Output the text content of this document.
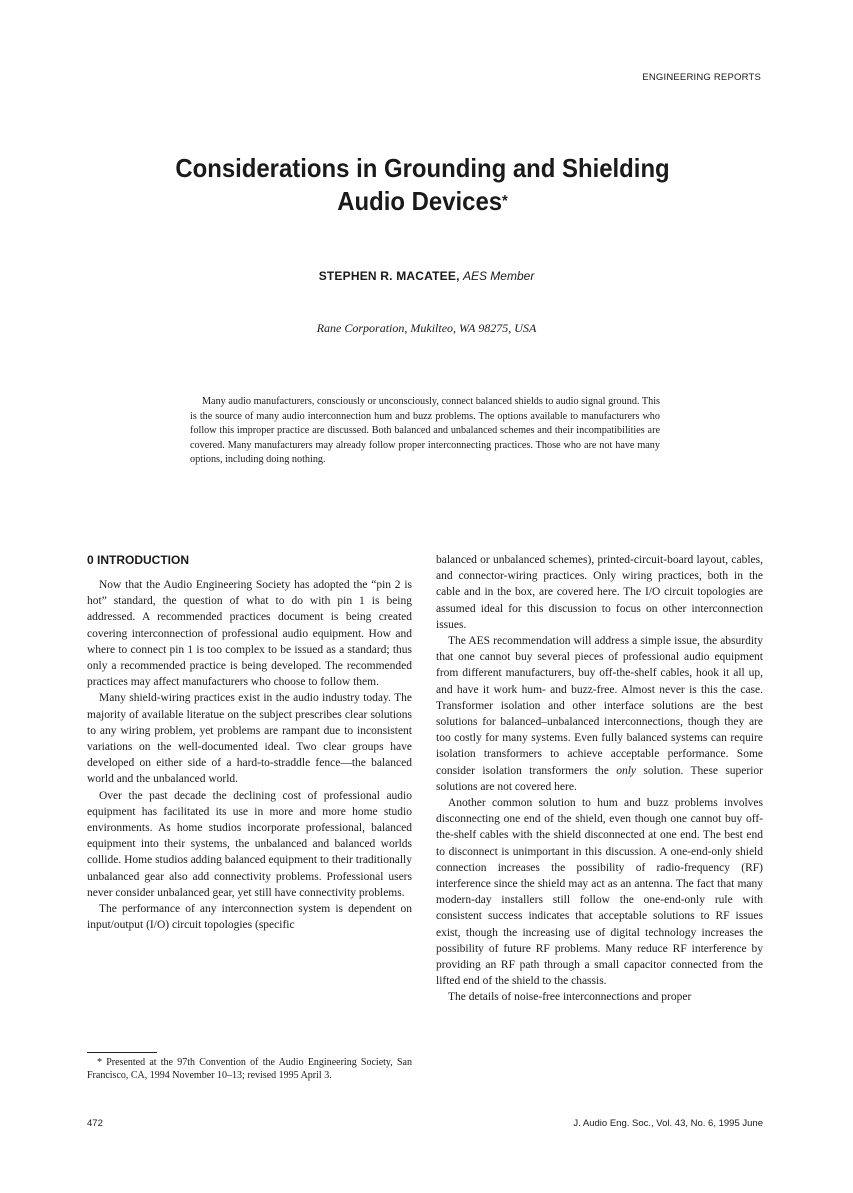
ENGINEERING REPORTS
Considerations in Grounding and Shielding
Audio Devices*
STEPHEN R. MACATEE, AES Member
Rane Corporation, Mukilteo, WA 98275, USA

Many audio manufacturers, consciously or unconsciously, connect balanced shields to audio signal ground. This is the source of many audio interconnection hum and buzz problems. The options available to manufacturers who follow this improper practice are discussed. Both balanced and unbalanced schemes and their incompatibilities are covered. Many manufacturers may already follow proper interconnecting practices. Those who are not have many options, including doing nothing.

0 INTRODUCTION

Now that the Audio Engineering Society has adopted the “pin 2 is hot” standard, the question of what to do with pin 1 is being addressed. A recommended practices document is being created covering interconnection of professional audio equipment. How and where to connect pin 1 is too complex to be issued as a standard; thus only a recommended practice is being developed. The recommended practices may affect manufacturers who choose to follow them.

Many shield-wiring practices exist in the audio industry today. The majority of available literatue on the subject prescribes clear solutions to any wiring problem, yet problems are rampant due to inconsistent variations on the well-documented ideal. Two clear groups have developed on either side of a hard-to-straddle fence—the balanced world and the unbalanced world.

Over the past decade the declining cost of professional audio equipment has facilitated its use in more and more home studio environments. As home studios incorporate professional, balanced equipment into their systems, the unbalanced and balanced worlds collide. Home studios adding balanced equipment to their traditionally unbalanced gear also add connectivity problems. Professional users never consider unbalanced gear, yet still have connectivity problems.

The performance of any interconnection system is dependent on input/output (I/O) circuit topologies (specific

balanced or unbalanced schemes), printed-circuit-board layout, cables, and connector-wiring practices. Only wiring practices, both in the cable and in the box, are covered here. The I/O circuit topologies are assumed ideal for this discussion to focus on other interconnection issues.

The AES recommendation will address a simple issue, the absurdity that one cannot buy several pieces of professional audio equipment from different manufacturers, buy off-the-shelf cables, hook it all up, and have it work hum- and buzz-free. Almost never is this the case. Transformer isolation and other interface solutions are the best solutions for balanced–unbalanced interconnections, though they are too costly for many systems. Even fully balanced systems can require isolation transformers to achieve acceptable performance. Some consider isolation transformers the only solution. These superior solutions are not covered here.

Another common solution to hum and buzz problems involves disconnecting one end of the shield, even though one cannot buy off-the-shelf cables with the shield disconnected at one end. The best end to disconnect is unimportant in this discussion. A one-end-only shield connection increases the possibility of radio-frequency (RF) interference since the shield may act as an antenna. The fact that many modern-day installers still follow the one-end-only rule with consistent success indicates that acceptable solutions to RF issues exist, though the increasing use of digital technology increases the possibility of future RF problems. Many reduce RF interference by providing an RF path through a small capacitor connected from the lifted end of the shield to the chassis.

The details of noise-free interconnections and proper

* Presented at the 97th Convention of the Audio Engineering Society, San Francisco, CA, 1994 November 10–13; revised 1995 April 3.

472	J. Audio Eng. Soc., Vol. 43, No. 6, 1995 June
